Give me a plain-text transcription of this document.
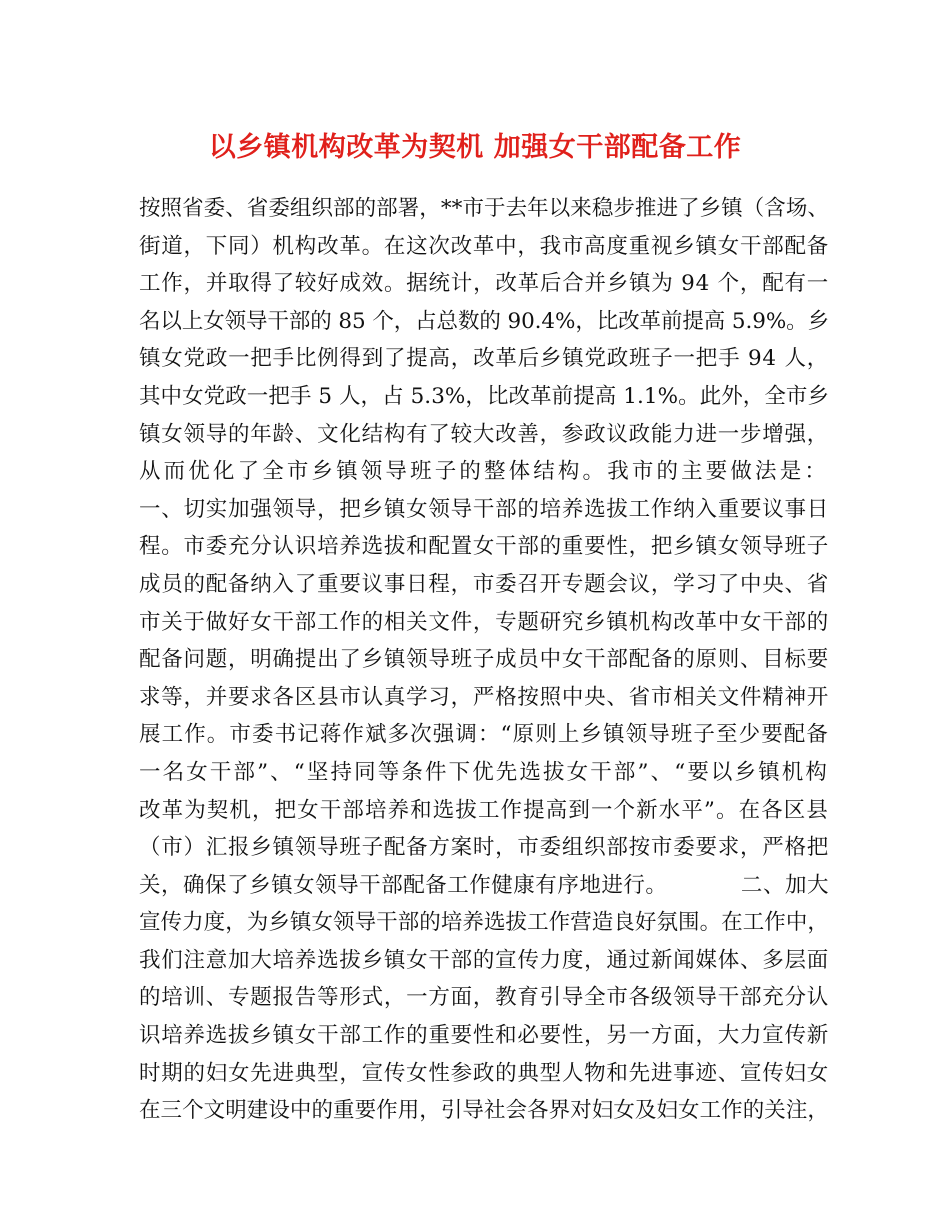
以乡镇机构改革为契机 加强女干部配备工作
按照省委、省委组织部的部署，**市于去年以来稳步推进了乡镇（含场、
街道，下同）机构改革。在这次改革中，我市高度重视乡镇女干部配备
工作，并取得了较好成效。据统计，改革后合并乡镇为 94 个，配有一
名以上女领导干部的 85 个，占总数的 90.4%，比改革前提高 5.9%。乡
镇女党政一把手比例得到了提高，改革后乡镇党政班子一把手 94 人，
其中女党政一把手 5 人，占 5.3%，比改革前提高 1.1%。此外，全市乡
镇女领导的年龄、文化结构有了较大改善，参政议政能力进一步增强，
从而优化了全市乡镇领导班子的整体结构。我市的主要做法是：
一、切实加强领导，把乡镇女领导干部的培养选拔工作纳入重要议事日
程。市委充分认识培养选拔和配置女干部的重要性，把乡镇女领导班子
成员的配备纳入了重要议事日程，市委召开专题会议，学习了中央、省
市关于做好女干部工作的相关文件，专题研究乡镇机构改革中女干部的
配备问题，明确提出了乡镇领导班子成员中女干部配备的原则、目标要
求等，并要求各区县市认真学习，严格按照中央、省市相关文件精神开
展工作。市委书记蒋作斌多次强调：“原则上乡镇领导班子至少要配备
一名女干部”、“坚持同等条件下优先选拔女干部”、“要以乡镇机构
改革为契机，把女干部培养和选拔工作提高到一个新水平”。在各区县
（市）汇报乡镇领导班子配备方案时，市委组织部按市委要求，严格把
关，确保了乡镇女领导干部配备工作健康有序地进行。          二、加大
宣传力度，为乡镇女领导干部的培养选拔工作营造良好氛围。在工作中，
我们注意加大培养选拔乡镇女干部的宣传力度，通过新闻媒体、多层面
的培训、专题报告等形式，一方面，教育引导全市各级领导干部充分认
识培养选拔乡镇女干部工作的重要性和必要性，另一方面，大力宣传新
时期的妇女先进典型，宣传女性参政的典型人物和先进事迹、宣传妇女
在三个文明建设中的重要作用，引导社会各界对妇女及妇女工作的关注，
